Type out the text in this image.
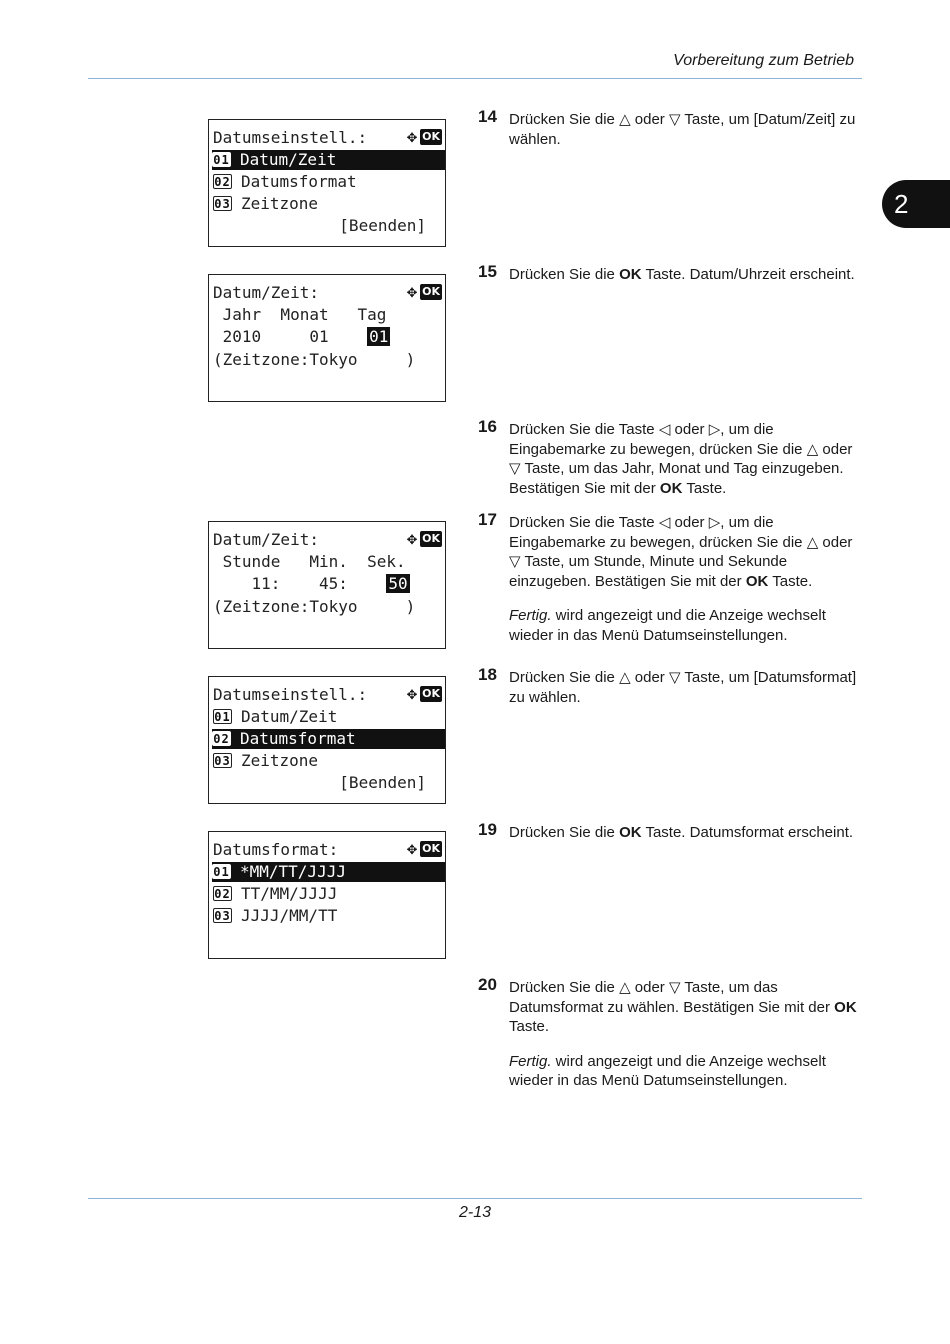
Vorbereitung zum Betrieb
2
Datumseinstell.:	✥ OK
01 Datum/Zeit
02 Datumsformat
03 Zeitzone
[Beenden]
Datum/Zeit:	✥ OK
Jahr  Monat   Tag
2010     01    01
(Zeitzone:Tokyo     )
Datum/Zeit:	✥ OK
Stunde   Min.  Sek.
11:    45:    50
(Zeitzone:Tokyo     )
Datumseinstell.:	✥ OK
01 Datum/Zeit
02 Datumsformat
03 Zeitzone
[Beenden]
Datumsformat:	✥ OK
01 *MM/TT/JJJJ
02 TT/MM/JJJJ
03 JJJJ/MM/TT
14 Drücken Sie die △ oder ▽ Taste, um [Datum/Zeit] zu wählen.
15 Drücken Sie die OK Taste. Datum/Uhrzeit erscheint.
16 Drücken Sie die Taste ◁ oder ▷, um die Eingabemarke zu bewegen, drücken Sie die △ oder ▽ Taste, um das Jahr, Monat und Tag einzugeben. Bestätigen Sie mit der OK Taste.
17 Drücken Sie die Taste ◁ oder ▷, um die Eingabemarke zu bewegen, drücken Sie die △ oder ▽ Taste, um Stunde, Minute und Sekunde einzugeben. Bestätigen Sie mit der OK Taste.
Fertig. wird angezeigt und die Anzeige wechselt wieder in das Menü Datumseinstellungen.
18 Drücken Sie die △ oder ▽ Taste, um [Datumsformat] zu wählen.
19 Drücken Sie die OK Taste. Datumsformat erscheint.
20 Drücken Sie die △ oder ▽ Taste, um das Datumsformat zu wählen. Bestätigen Sie mit der OK Taste.
Fertig. wird angezeigt und die Anzeige wechselt wieder in das Menü Datumseinstellungen.
2-13
